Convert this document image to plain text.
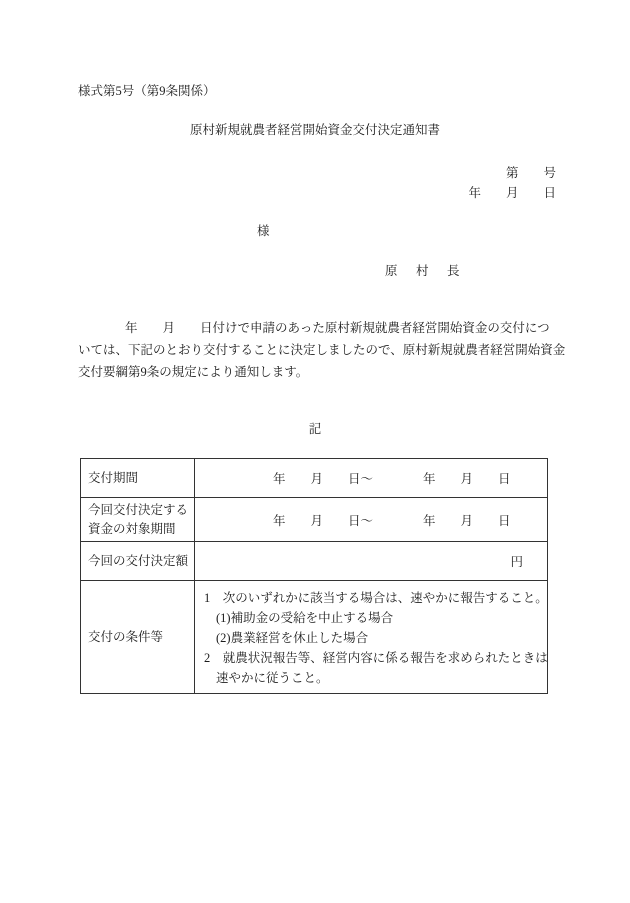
様式第5号（第9条関係）
原村新規就農者経営開始資金交付決定通知書
第　　号
年　　月　　日
様
原　村　長
年　　月　　日付けで申請のあった原村新規就農者経営開始資金の交付につ
いては、下記のとおり交付することに決定しましたので、原村新規就農者経営開始資金
交付要綱第9条の規定により通知します。
記
交付期間	年　　月　　日～　　　　年　　月　　日
今回交付決定する資金の対象期間
年　　月　　日～　　　　年　　月　　日
今回の交付決定額	円
交付の条件等
1　次のいずれかに該当する場合は、速やかに報告すること。
(1)補助金の受給を中止する場合
(2)農業経営を休止した場合
2　就農状況報告等、経営内容に係る報告を求められたときは
速やかに従うこと。
